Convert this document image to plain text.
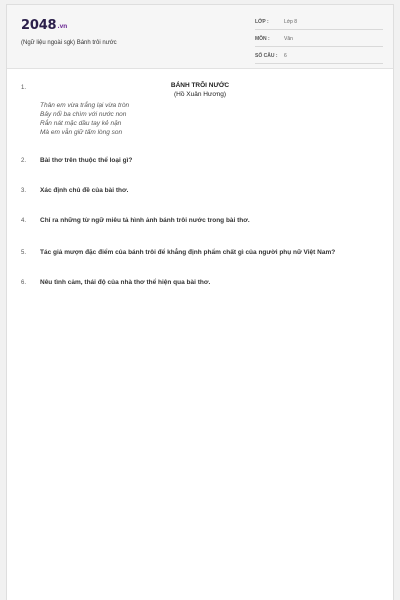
2048.vn
(Ngữ liệu ngoài sgk) Bánh trôi nước
LỚP :	Lớp 8
MÔN :	Văn
SỐ CÂU : 6
1.	BÁNH TRÔI NƯỚC
(Hồ Xuân Hương)
Thân em vừa trắng lại vừa tròn
Bảy nổi ba chìm với nước non
Rắn nát mặc dầu tay kẻ nặn
Mà em vẫn giữ tấm lòng son
2. Bài thơ trên thuộc thể loại gì?
3. Xác định chủ đề của bài thơ.
4. Chỉ ra những từ ngữ miêu tả hình ảnh bánh trôi nước trong bài thơ.
5. Tác giả mượn đặc điểm của bánh trôi để khẳng định phẩm chất gì của người phụ nữ Việt Nam?
6. Nêu tình cảm, thái độ của nhà thơ thể hiện qua bài thơ.
